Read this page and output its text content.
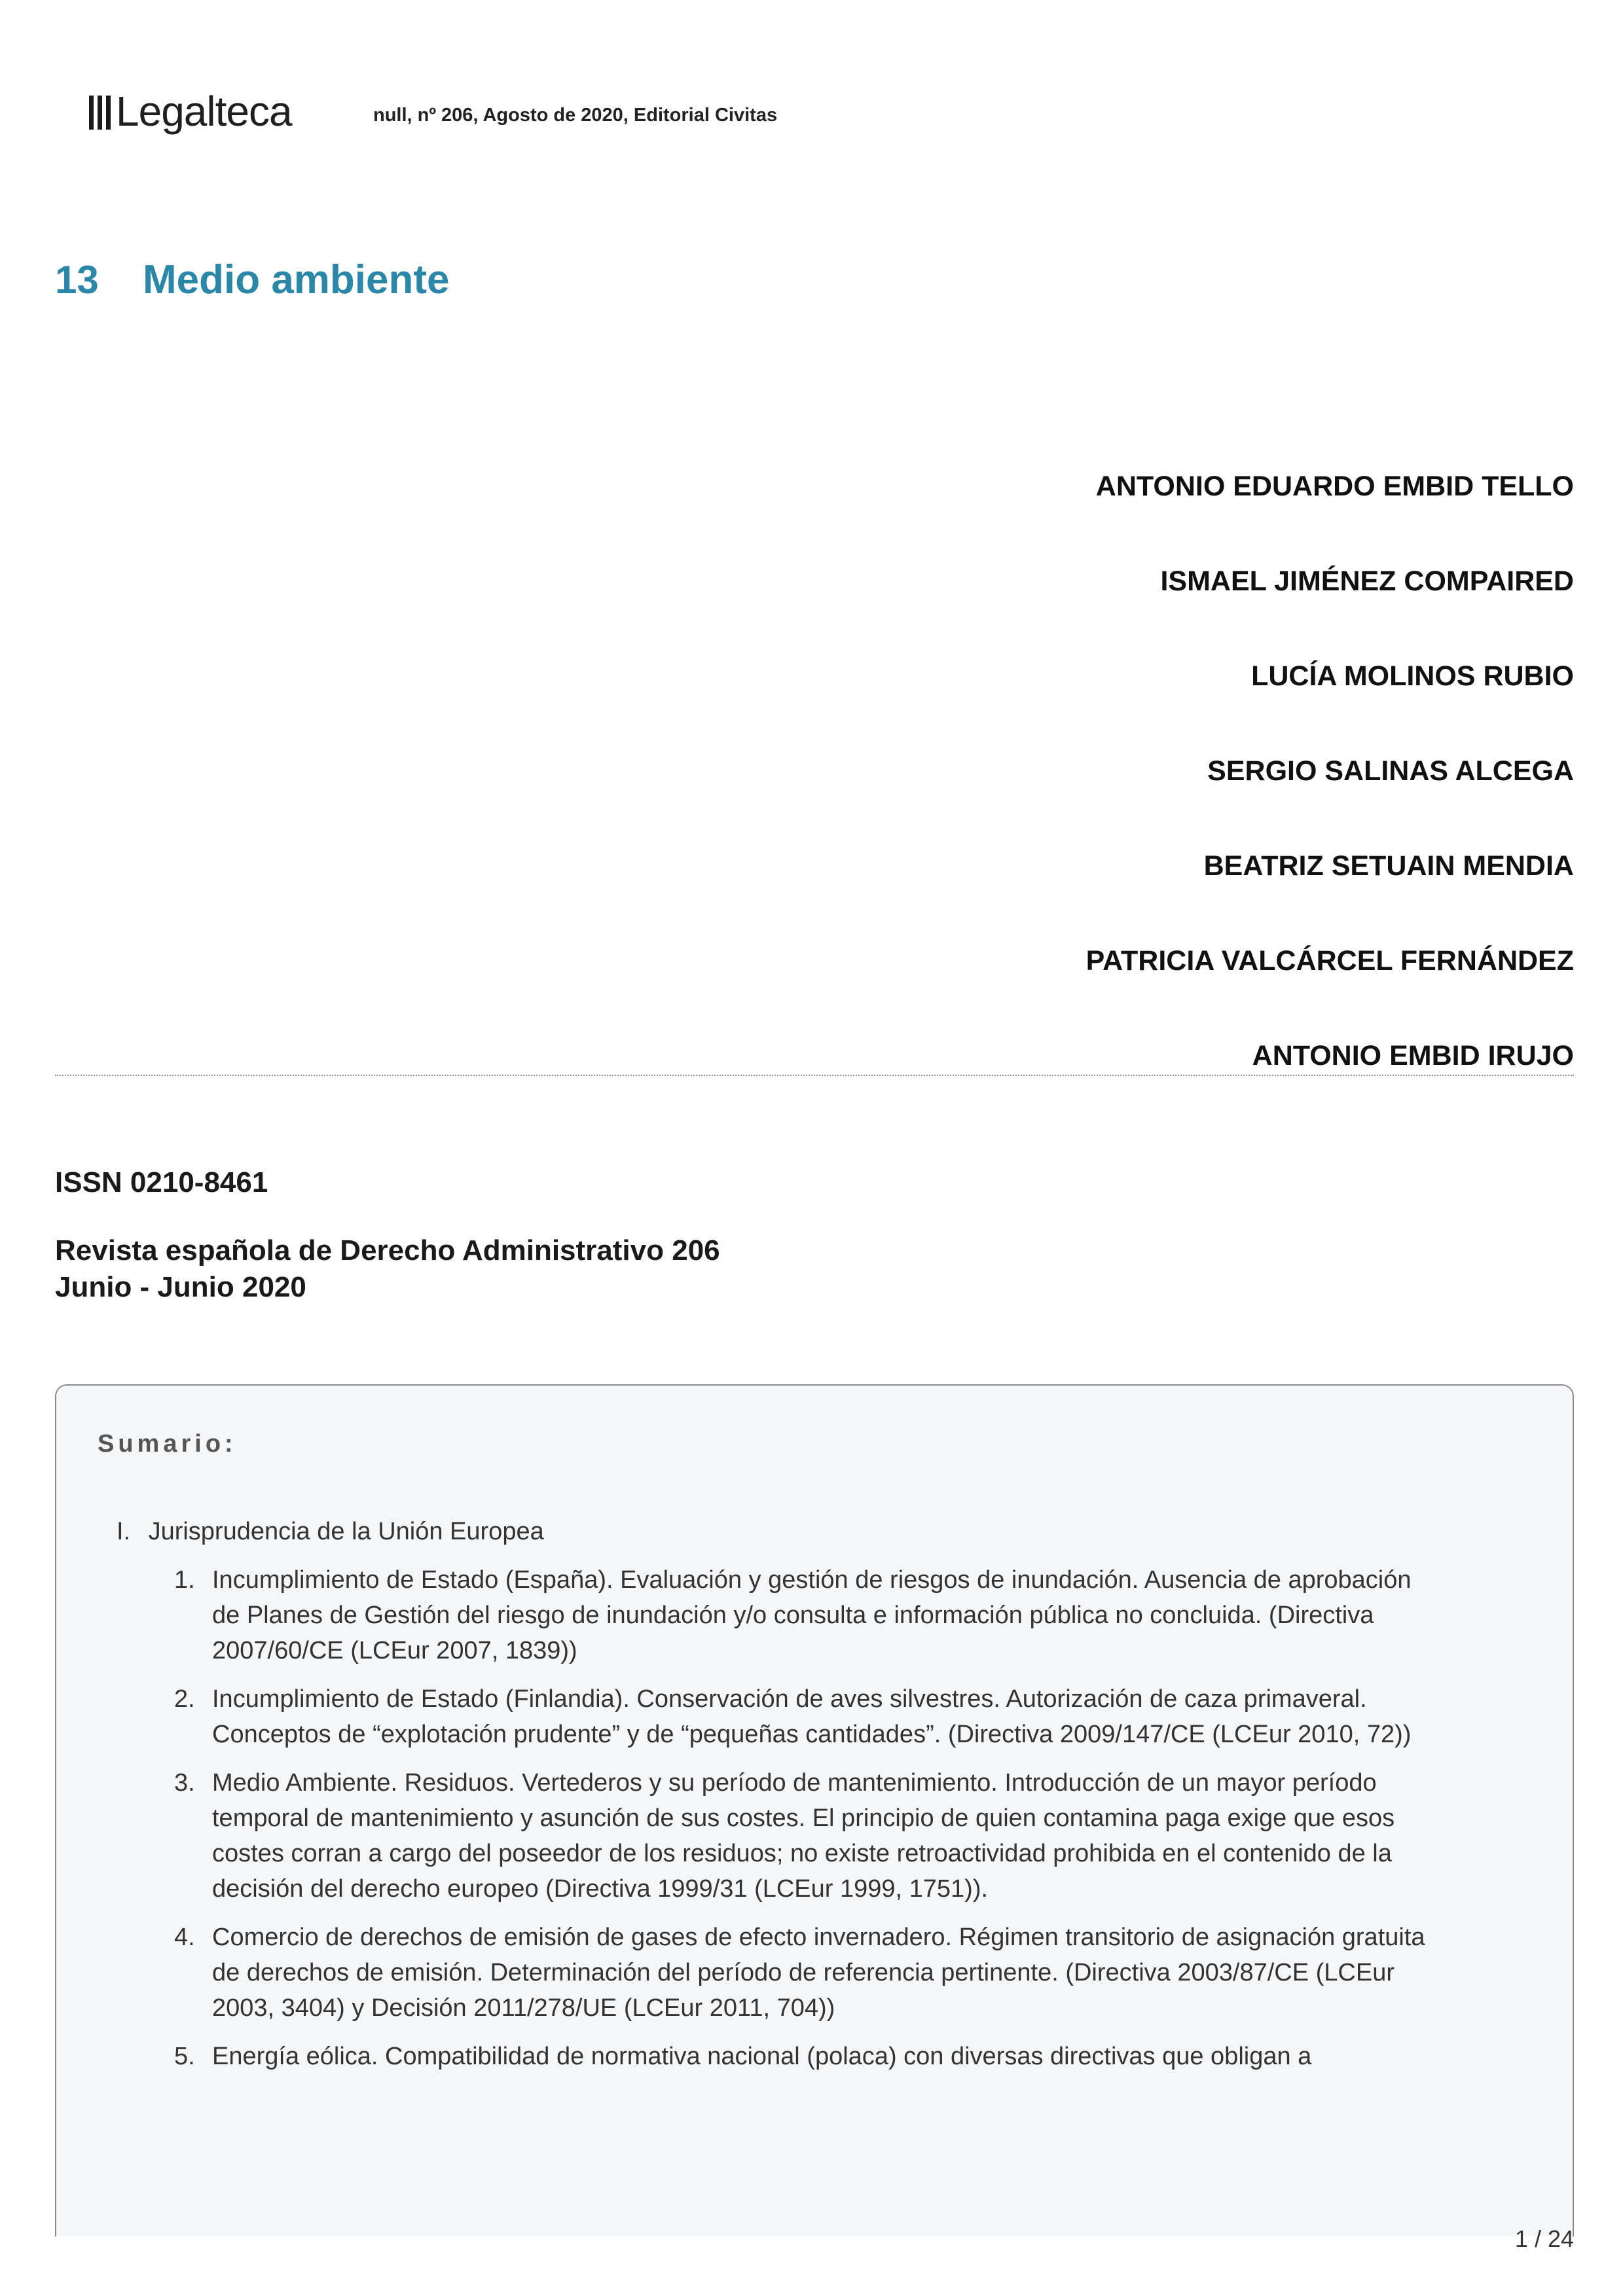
Legalteca	null, nº 206, Agosto de 2020, Editorial Civitas
13	Medio ambiente
ANTONIO EDUARDO EMBID TELLO
ISMAEL JIMÉNEZ COMPAIRED
LUCÍA MOLINOS RUBIO
SERGIO SALINAS ALCEGA
BEATRIZ SETUAIN MENDIA
PATRICIA VALCÁRCEL FERNÁNDEZ
ANTONIO EMBID IRUJO
ISSN 0210-8461
Revista española de Derecho Administrativo 206
Junio - Junio 2020
Sumario:
I. Jurisprudencia de la Unión Europea
1. Incumplimiento de Estado (España). Evaluación y gestión de riesgos de inundación. Ausencia de aprobación de Planes de Gestión del riesgo de inundación y/o consulta e información pública no concluida. (Directiva 2007/60/CE (LCEur 2007, 1839))
2. Incumplimiento de Estado (Finlandia). Conservación de aves silvestres. Autorización de caza primaveral. Conceptos de “explotación prudente” y de “pequeñas cantidades”. (Directiva 2009/147/CE (LCEur 2010, 72))
3. Medio Ambiente. Residuos. Vertederos y su período de mantenimiento. Introducción de un mayor período temporal de mantenimiento y asunción de sus costes. El principio de quien contamina paga exige que esos costes corran a cargo del poseedor de los residuos; no existe retroactividad prohibida en el contenido de la decisión del derecho europeo (Directiva 1999/31 (LCEur 1999, 1751)).
4. Comercio de derechos de emisión de gases de efecto invernadero. Régimen transitorio de asignación gratuita de derechos de emisión. Determinación del período de referencia pertinente. (Directiva 2003/87/CE (LCEur 2003, 3404) y Decisión 2011/278/UE (LCEur 2011, 704))
5. Energía eólica. Compatibilidad de normativa nacional (polaca) con diversas directivas que obligan a
1 / 24
